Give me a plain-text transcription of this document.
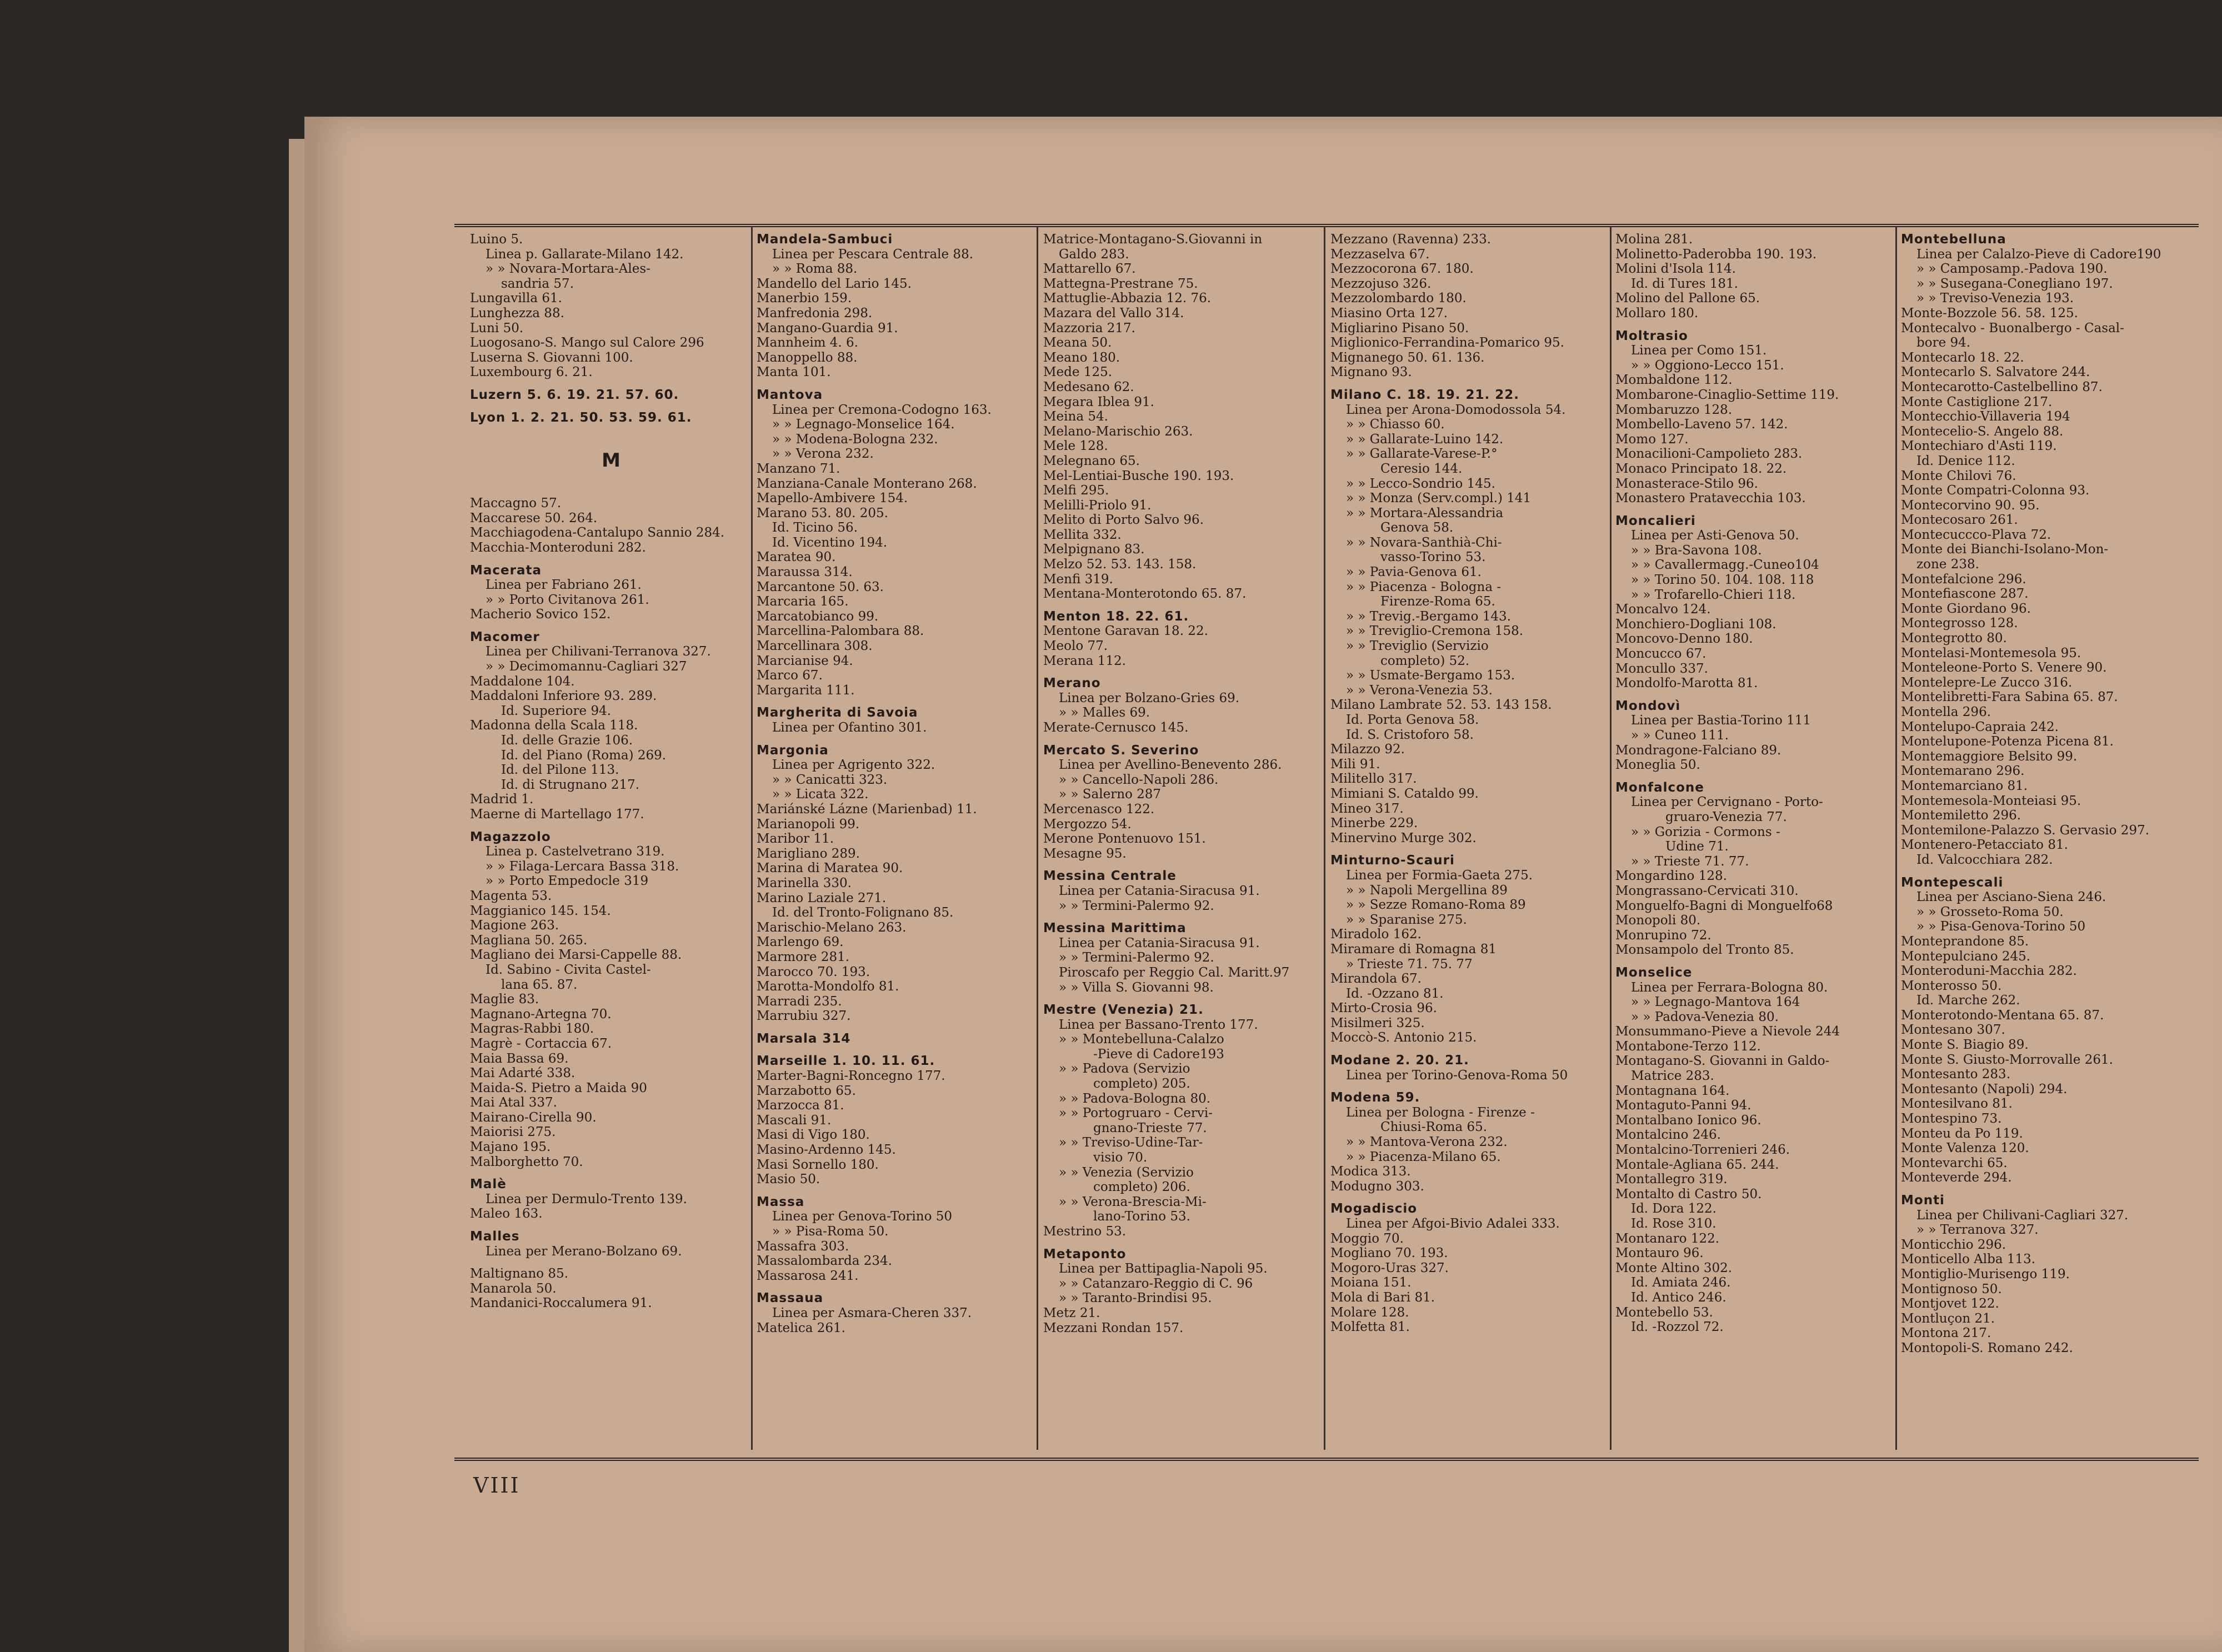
Luino 5.
Linea p. Gallarate-Milano 142.
» » Novara-Mortara-Ales-
sandria 57.
Lungavilla 61.
Lunghezza 88.
Luni 50.
Luogosano-S. Mango sul Calore 296
Luserna S. Giovanni 100.
Luxembourg 6. 21.
Luzern 5. 6. 19. 21. 57. 60.
Lyon 1. 2. 21. 50. 53. 59. 61.
M
Maccagno 57.
Maccarese 50. 264.
Macchiagodena-Cantalupo Sannio 284.
Macchia-Monteroduni 282.
Macerata
Linea per Fabriano 261.
» » Porto Civitanova 261.
Macherio Sovico 152.
Macomer
Linea per Chilivani-Terranova 327.
» » Decimomannu-Cagliari 327
Maddalone 104.
Maddaloni Inferiore 93. 289.
Id. Superiore 94.
Madonna della Scala 118.
Id. delle Grazie 106.
Id. del Piano (Roma) 269.
Id. del Pilone 113.
Id. di Strugnano 217.
Madrid 1.
Maerne di Martellago 177.
Magazzolo
Linea p. Castelvetrano 319.
» » Filaga-Lercara Bassa 318.
» » Porto Empedocle 319
Magenta 53.
Maggianico 145. 154.
Magione 263.
Magliana 50. 265.
Magliano dei Marsi-Cappelle 88.
Id. Sabino - Civita Castel-
lana 65. 87.
Maglie 83.
Magnano-Artegna 70.
Magras-Rabbi 180.
Magrè - Cortaccia 67.
Maia Bassa 69.
Mai Adarté 338.
Maida-S. Pietro a Maida 90
Mai Atal 337.
Mairano-Cirella 90.
Maiorisi 275.
Majano 195.
Malborghetto 70.
Malè
Linea per Dermulo-Trento 139.
Maleo 163.
Malles
Linea per Merano-Bolzano 69.
Maltignano 85.
Manarola 50.
Mandanici-Roccalumera 91.
Mandela-Sambuci
Linea per Pescara Centrale 88.
» » Roma 88.
Mandello del Lario 145.
Manerbio 159.
Manfredonia 298.
Mangano-Guardia 91.
Mannheim 4. 6.
Manoppello 88.
Manta 101.
Mantova
Linea per Cremona-Codogno 163.
» » Legnago-Monselice 164.
» » Modena-Bologna 232.
» » Verona 232.
Manzano 71.
Manziana-Canale Monterano 268.
Mapello-Ambivere 154.
Marano 53. 80. 205.
Id. Ticino 56.
Id. Vicentino 194.
Maratea 90.
Maraussa 314.
Marcantone 50. 63.
Marcaria 165.
Marcatobianco 99.
Marcellina-Palombara 88.
Marcellinara 308.
Marcianise 94.
Marco 67.
Margarita 111.
Margherita di Savoia
Linea per Ofantino 301.
Margonia
Linea per Agrigento 322.
» » Canicatti 323.
» » Licata 322.
Mariánské Lázne (Marienbad) 11.
Marianopoli 99.
Maribor 11.
Marigliano 289.
Marina di Maratea 90.
Marinella 330.
Marino Laziale 271.
Id. del Tronto-Folignano 85.
Marischio-Melano 263.
Marlengo 69.
Marmore 281.
Marocco 70. 193.
Marotta-Mondolfo 81.
Marradi 235.
Marrubiu 327.
Marsala 314
Marseille 1. 10. 11. 61.
Marter-Bagni-Roncegno 177.
Marzabotto 65.
Marzocca 81.
Mascali 91.
Masi di Vigo 180.
Masino-Ardenno 145.
Masi Sornello 180.
Masio 50.
Massa
Linea per Genova-Torino 50
» » Pisa-Roma 50.
Massafra 303.
Massalombarda 234.
Massarosa 241.
Massaua
Linea per Asmara-Cheren 337.
Matelica 261.
Matrice-Montagano-S.Giovanni in
Galdo 283.
Mattarello 67.
Mattegna-Prestrane 75.
Mattuglie-Abbazia 12. 76.
Mazara del Vallo 314.
Mazzoria 217.
Meana 50.
Meano 180.
Mede 125.
Medesano 62.
Megara Iblea 91.
Meina 54.
Melano-Marischio 263.
Mele 128.
Melegnano 65.
Mel-Lentiai-Busche 190. 193.
Melfi 295.
Melilli-Priolo 91.
Melito di Porto Salvo 96.
Mellita 332.
Melpignano 83.
Melzo 52. 53. 143. 158.
Menfi 319.
Mentana-Monterotondo 65. 87.
Menton 18. 22. 61.
Mentone Garavan 18. 22.
Meolo 77.
Merana 112.
Merano
Linea per Bolzano-Gries 69.
» » Malles 69.
Merate-Cernusco 145.
Mercato S. Severino
Linea per Avellino-Benevento 286.
» » Cancello-Napoli 286.
» » Salerno 287
Mercenasco 122.
Mergozzo 54.
Merone Pontenuovo 151.
Mesagne 95.
Messina Centrale
Linea per Catania-Siracusa 91.
» » Termini-Palermo 92.
Messina Marittima
Linea per Catania-Siracusa 91.
» » Termini-Palermo 92.
Piroscafo per Reggio Cal. Maritt.97
» » Villa S. Giovanni 98.
Mestre (Venezia) 21.
Linea per Bassano-Trento 177.
» » Montebelluna-Calalzo
-Pieve di Cadore193
» » Padova (Servizio
completo) 205.
» » Padova-Bologna 80.
» » Portogruaro - Cervi-
gnano-Trieste 77.
» » Treviso-Udine-Tar-
visio 70.
» » Venezia (Servizio
completo) 206.
» » Verona-Brescia-Mi-
lano-Torino 53.
Mestrino 53.
Metaponto
Linea per Battipaglia-Napoli 95.
» » Catanzaro-Reggio di C. 96
» » Taranto-Brindisi 95.
Metz 21.
Mezzani Rondan 157.
Mezzano (Ravenna) 233.
Mezzaselva 67.
Mezzocorona 67. 180.
Mezzojuso 326.
Mezzolombardo 180.
Miasino Orta 127.
Migliarino Pisano 50.
Miglionico-Ferrandina-Pomarico 95.
Mignanego 50. 61. 136.
Mignano 93.
Milano C. 18. 19. 21. 22.
Linea per Arona-Domodossola 54.
» » Chiasso 60.
» » Gallarate-Luino 142.
» » Gallarate-Varese-P.°
Ceresio 144.
» » Lecco-Sondrio 145.
» » Monza (Serv.compl.) 141
» » Mortara-Alessandria
Genova 58.
» » Novara-Santhià-Chi-
vasso-Torino 53.
» » Pavia-Genova 61.
» » Piacenza - Bologna -
Firenze-Roma 65.
» » Trevig.-Bergamo 143.
» » Treviglio-Cremona 158.
» » Treviglio (Servizio
completo) 52.
» » Usmate-Bergamo 153.
» » Verona-Venezia 53.
Milano Lambrate 52. 53. 143 158.
Id. Porta Genova 58.
Id. S. Cristoforo 58.
Milazzo 92.
Mili 91.
Militello 317.
Mimiani S. Cataldo 99.
Mineo 317.
Minerbe 229.
Minervino Murge 302.
Minturno-Scauri
Linea per Formia-Gaeta 275.
» » Napoli Mergellina 89
» » Sezze Romano-Roma 89
» » Sparanise 275.
Miradolo 162.
Miramare di Romagna 81
» Trieste 71. 75. 77
Mirandola 67.
Id. -Ozzano 81.
Mirto-Crosia 96.
Misilmeri 325.
Moccò-S. Antonio 215.
Modane 2. 20. 21.
Linea per Torino-Genova-Roma 50
Modena 59.
Linea per Bologna - Firenze -
Chiusi-Roma 65.
» » Mantova-Verona 232.
» » Piacenza-Milano 65.
Modica 313.
Modugno 303.
Mogadiscio
Linea per Afgoi-Bivio Adalei 333.
Moggio 70.
Mogliano 70. 193.
Mogoro-Uras 327.
Moiana 151.
Mola di Bari 81.
Molare 128.
Molfetta 81.
Molina 281.
Molinetto-Paderobba 190. 193.
Molini d'Isola 114.
Id. di Tures 181.
Molino del Pallone 65.
Mollaro 180.
Moltrasio
Linea per Como 151.
» » Oggiono-Lecco 151.
Mombaldone 112.
Mombarone-Cinaglio-Settime 119.
Mombaruzzo 128.
Mombello-Laveno 57. 142.
Momo 127.
Monacilioni-Campolieto 283.
Monaco Principato 18. 22.
Monasterace-Stilo 96.
Monastero Pratavecchia 103.
Moncalieri
Linea per Asti-Genova 50.
» » Bra-Savona 108.
» » Cavallermagg.-Cuneo104
» » Torino 50. 104. 108. 118
» » Trofarello-Chieri 118.
Moncalvo 124.
Monchiero-Dogliani 108.
Moncovo-Denno 180.
Moncucco 67.
Moncullo 337.
Mondolfo-Marotta 81.
Mondovì
Linea per Bastia-Torino 111
» » Cuneo 111.
Mondragone-Falciano 89.
Moneglia 50.
Monfalcone
Linea per Cervignano - Porto-
gruaro-Venezia 77.
» » Gorizia - Cormons -
Udine 71.
» » Trieste 71. 77.
Mongardino 128.
Mongrassano-Cervicati 310.
Monguelfo-Bagni di Monguelfo68
Monopoli 80.
Monrupino 72.
Monsampolo del Tronto 85.
Monselice
Linea per Ferrara-Bologna 80.
» » Legnago-Mantova 164
» » Padova-Venezia 80.
Monsummano-Pieve a Nievole 244
Montabone-Terzo 112.
Montagano-S. Giovanni in Galdo-
Matrice 283.
Montagnana 164.
Montaguto-Panni 94.
Montalbano Ionico 96.
Montalcino 246.
Montalcino-Torrenieri 246.
Montale-Agliana 65. 244.
Montallegro 319.
Montalto di Castro 50.
Id. Dora 122.
Id. Rose 310.
Montanaro 122.
Montauro 96.
Monte Altino 302.
Id. Amiata 246.
Id. Antico 246.
Montebello 53.
Id. -Rozzol 72.
Montebelluna
Linea per Calalzo-Pieve di Cadore190
» » Camposamp.-Padova 190.
» » Susegana-Conegliano 197.
» » Treviso-Venezia 193.
Monte-Bozzole 56. 58. 125.
Montecalvo - Buonalbergo - Casal-
bore 94.
Montecarlo 18. 22.
Montecarlo S. Salvatore 244.
Montecarotto-Castelbellino 87.
Monte Castiglione 217.
Montecchio-Villaveria 194
Montecelio-S. Angelo 88.
Montechiaro d'Asti 119.
Id. Denice 112.
Monte Chilovi 76.
Monte Compatri-Colonna 93.
Montecorvino 90. 95.
Montecosaro 261.
Montecuccco-Plava 72.
Monte dei Bianchi-Isolano-Mon-
zone 238.
Montefalcione 296.
Montefiascone 287.
Monte Giordano 96.
Montegrosso 128.
Montegrotto 80.
Montelasi-Montemesola 95.
Monteleone-Porto S. Venere 90.
Montelepre-Le Zucco 316.
Montelibretti-Fara Sabina 65. 87.
Montella 296.
Montelupo-Capraia 242.
Montelupone-Potenza Picena 81.
Montemaggiore Belsito 99.
Montemarano 296.
Montemarciano 81.
Montemesola-Monteiasi 95.
Montemiletto 296.
Montemilone-Palazzo S. Gervasio 297.
Montenero-Petacciato 81.
Id. Valcocchiara 282.
Montepescali
Linea per Asciano-Siena 246.
» » Grosseto-Roma 50.
» » Pisa-Genova-Torino 50
Monteprandone 85.
Montepulciano 245.
Monteroduni-Macchia 282.
Monterosso 50.
Id. Marche 262.
Monterotondo-Mentana 65. 87.
Montesano 307.
Monte S. Biagio 89.
Monte S. Giusto-Morrovalle 261.
Montesanto 283.
Montesanto (Napoli) 294.
Montesilvano 81.
Montespino 73.
Monteu da Po 119.
Monte Valenza 120.
Montevarchi 65.
Monteverde 294.
Monti
Linea per Chilivani-Cagliari 327.
» » Terranova 327.
Monticchio 296.
Monticello Alba 113.
Montiglio-Murisengo 119.
Montignoso 50.
Montjovet 122.
Montluçon 21.
Montona 217.
Montopoli-S. Romano 242.
VIII
